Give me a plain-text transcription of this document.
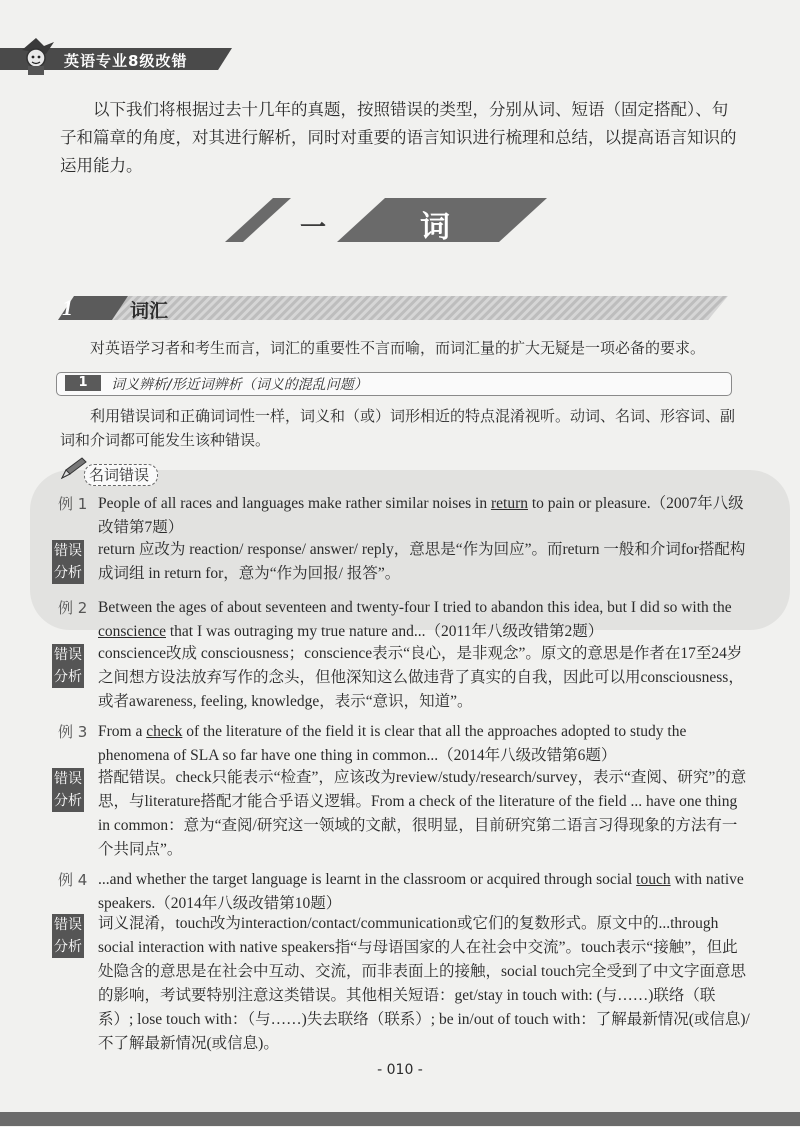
英语专业8级改错
以下我们将根据过去十几年的真题，按照错误的类型，分别从词、短语（固定搭配）、句子和篇章的角度，对其进行解析，同时对重要的语言知识进行梳理和总结，以提高语言知识的运用能力。
一	词
1	词汇
对英语学习者和考生而言，词汇的重要性不言而喻，而词汇量的扩大无疑是一项必备的要求。
1	词义辨析/形近词辨析（词义的混乱问题）
利用错误词和正确词词性一样，词义和（或）词形相近的特点混淆视听。动词、名词、形容词、副词和介词都可能发生该种错误。
名词错误
例 1 People of all races and languages make rather similar noises in return to pain or pleasure.（2007年八级改错第7题）
错误分析
return 应改为 reaction/ response/ answer/ reply，意思是“作为回应”。而return 一般和介词for搭配构成词组 in return for，意为“作为回报/ 报答”。
例 2 Between the ages of about seventeen and twenty-four I tried to abandon this idea, but I did so with the conscience that I was outraging my true nature and...（2011年八级改错第2题）
错误分析
conscience改成 consciousness；conscience表示“良心，是非观念”。原文的意思是作者在17至24岁之间想方设法放弃写作的念头，但他深知这么做违背了真实的自我，因此可以用consciousness， 或者awareness, feeling, knowledge，表示“意识，知道”。
例 3 From a check of the literature of the field it is clear that all the approaches adopted to study the phenomena of SLA so far have one thing in common...（2014年八级改错第6题）
错误分析
搭配错误。check只能表示“检查”，应该改为review/study/research/survey，表示“查阅、研究”的意思，与literature搭配才能合乎语义逻辑。From a check of the literature of the field ... have one thing in common：意为“查阅/研究这一领域的文献，很明显，目前研究第二语言习得现象的方法有一个共同点”。
例 4 ...and whether the target language is learnt in the classroom or acquired through social touch with native speakers.（2014年八级改错第10题）
错误分析
词义混淆，touch改为interaction/contact/communication或它们的复数形式。原文中的...through social interaction with native speakers指“与母语国家的人在社会中交流”。touch表示“接触”，但此处隐含的意思是在社会中互动、交流，而非表面上的接触，social touch完全受到了中文字面意思的影响，考试要特别注意这类错误。其他相关短语：get/stay in touch with: (与……)联络（联系）; lose touch with：（与……)失去联络（联系）; be in/out of touch with：了解最新情况(或信息)/不了解最新情况(或信息)。
- 010 -
